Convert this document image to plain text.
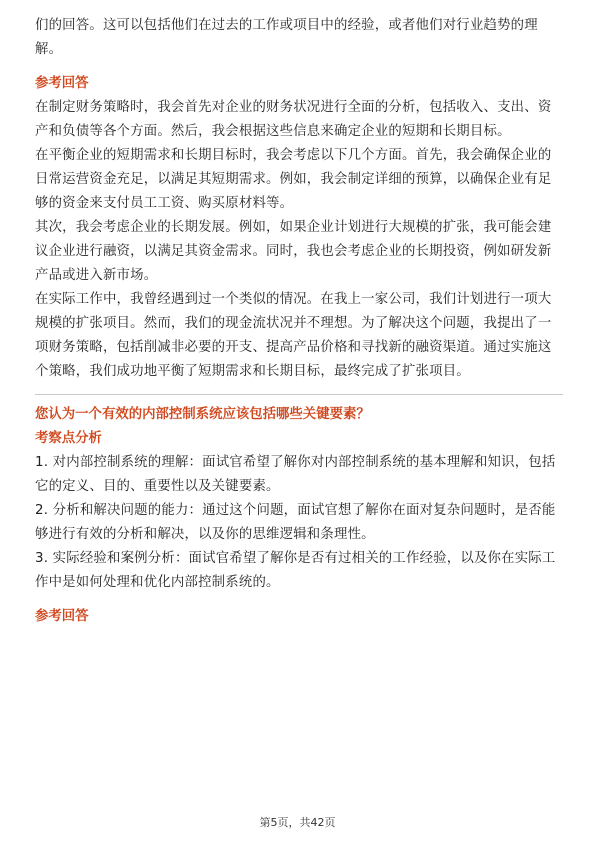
们的回答。这可以包括他们在过去的工作或项目中的经验，或者他们对行业趋势的理解。

参考回答

在制定财务策略时，我会首先对企业的财务状况进行全面的分析，包括收入、支出、资产和负债等各个方面。然后，我会根据这些信息来确定企业的短期和长期目标。

在平衡企业的短期需求和长期目标时，我会考虑以下几个方面。首先，我会确保企业的日常运营资金充足，以满足其短期需求。例如，我会制定详细的预算，以确保企业有足够的资金来支付员工工资、购买原材料等。

其次，我会考虑企业的长期发展。例如，如果企业计划进行大规模的扩张，我可能会建议企业进行融资，以满足其资金需求。同时，我也会考虑企业的长期投资，例如研发新产品或进入新市场。

在实际工作中，我曾经遇到过一个类似的情况。在我上一家公司，我们计划进行一项大规模的扩张项目。然而，我们的现金流状况并不理想。为了解决这个问题，我提出了一项财务策略，包括削减非必要的开支、提高产品价格和寻找新的融资渠道。通过实施这个策略，我们成功地平衡了短期需求和长期目标，最终完成了扩张项目。

您认为一个有效的内部控制系统应该包括哪些关键要素？
考察点分析

1. 对内部控制系统的理解：面试官希望了解你对内部控制系统的基本理解和知识，包括它的定义、目的、重要性以及关键要素。

2. 分析和解决问题的能力：通过这个问题，面试官想了解你在面对复杂问题时，是否能够进行有效的分析和解决，以及你的思维逻辑和条理性。

3. 实际经验和案例分析：面试官希望了解你是否有过相关的工作经验，以及你在实际工作中是如何处理和优化内部控制系统的。

参考回答
第5页，共42页
